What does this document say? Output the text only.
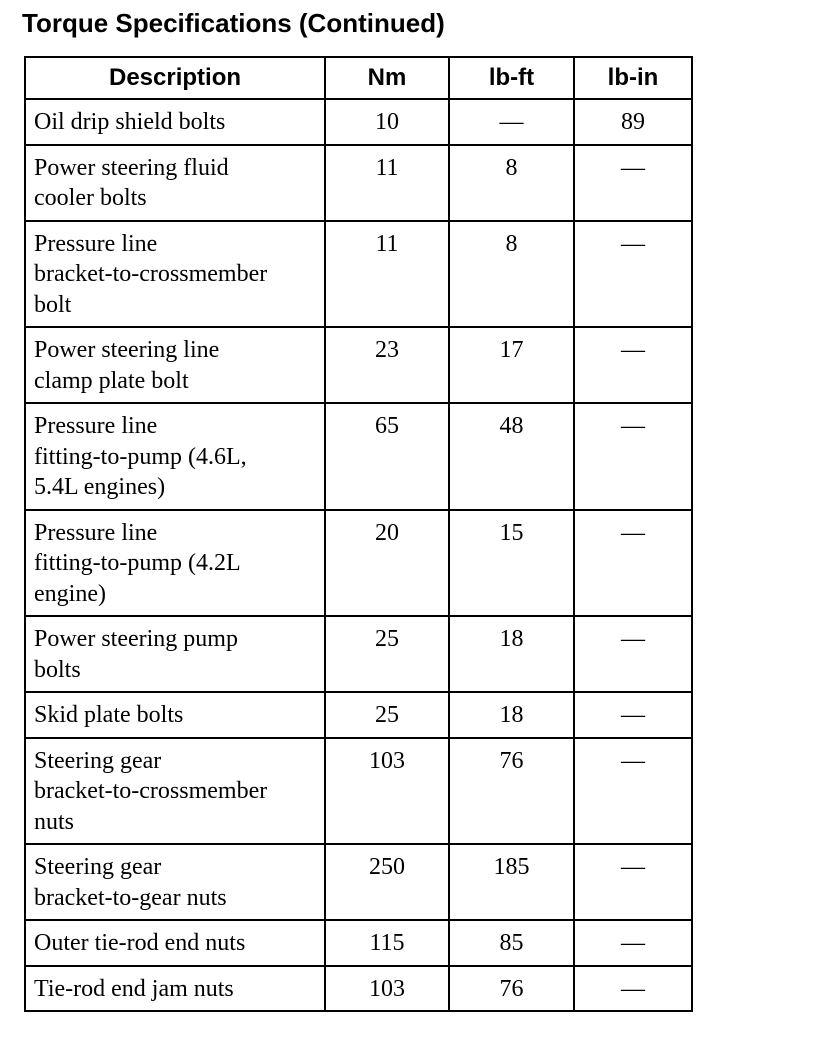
Torque Specifications (Continued)
Description	Nm	lb-ft	lb-in
Oil drip shield bolts	10	—	89
Power steering fluid
cooler bolts	11	8	—
Pressure line
bracket-to-crossmember
bolt	11	8	—
Power steering line
clamp plate bolt	23	17	—
Pressure line
fitting-to-pump (4.6L,
5.4L engines)	65	48	—
Pressure line
fitting-to-pump (4.2L
engine)	20	15	—
Power steering pump
bolts	25	18	—
Skid plate bolts	25	18	—
Steering gear
bracket-to-crossmember
nuts	103	76	—
Steering gear
bracket-to-gear nuts	250	185	—
Outer tie-rod end nuts	115	85	—
Tie-rod end jam nuts	103	76	—
